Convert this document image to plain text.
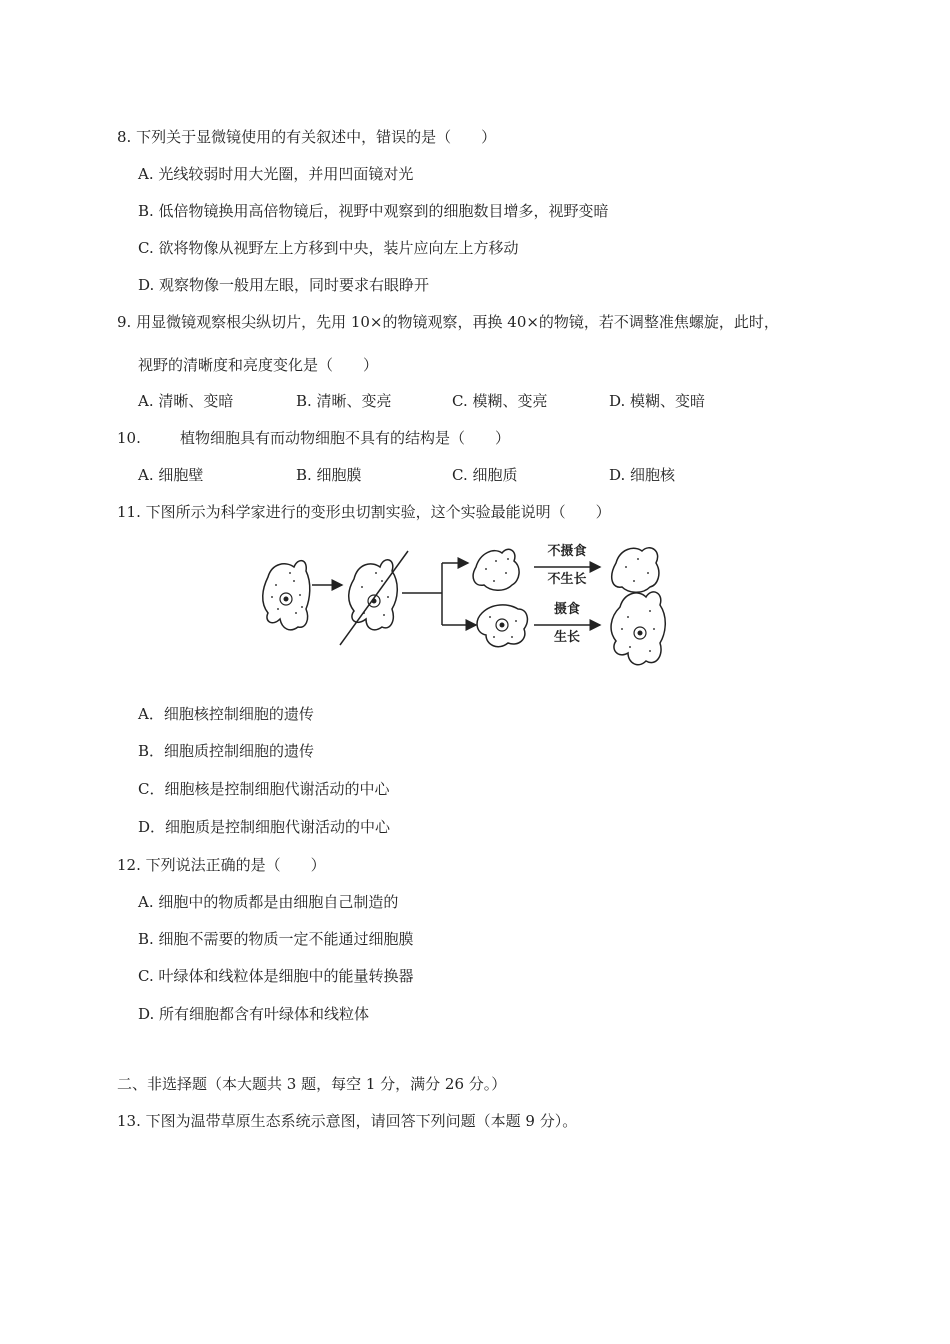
8. 下列关于显微镜使用的有关叙述中，错误的是（　　）
A. 光线较弱时用大光圈，并用凹面镜对光
B. 低倍物镜换用高倍物镜后，视野中观察到的细胞数目增多，视野变暗
C. 欲将物像从视野左上方移到中央，装片应向左上方移动
D. 观察物像一般用左眼，同时要求右眼睁开
9. 用显微镜观察根尖纵切片，先用 10×的物镜观察，再换 40×的物镜，若不调整准焦螺旋，此时，
视野的清晰度和亮度变化是（　　）
A. 清晰、变暗	B. 清晰、变亮	C. 模糊、变亮	D. 模糊、变暗
10.	植物细胞具有而动物细胞不具有的结构是（　　）
A. 细胞壁	B. 细胞膜	C. 细胞质	D. 细胞核
11. 下图所示为科学家进行的变形虫切割实验，这个实验最能说明（　　）
不摄食
不生长
摄食
生长
A．细胞核控制细胞的遗传
B．细胞质控制细胞的遗传
C．细胞核是控制细胞代谢活动的中心
D．细胞质是控制细胞代谢活动的中心
12. 下列说法正确的是（　　）
A. 细胞中的物质都是由细胞自己制造的
B. 细胞不需要的物质一定不能通过细胞膜
C. 叶绿体和线粒体是细胞中的能量转换器
D. 所有细胞都含有叶绿体和线粒体
二、非选择题（本大题共 3 题，每空 1 分，满分 26 分。）
13. 下图为温带草原生态系统示意图，请回答下列问题（本题 9 分）。
